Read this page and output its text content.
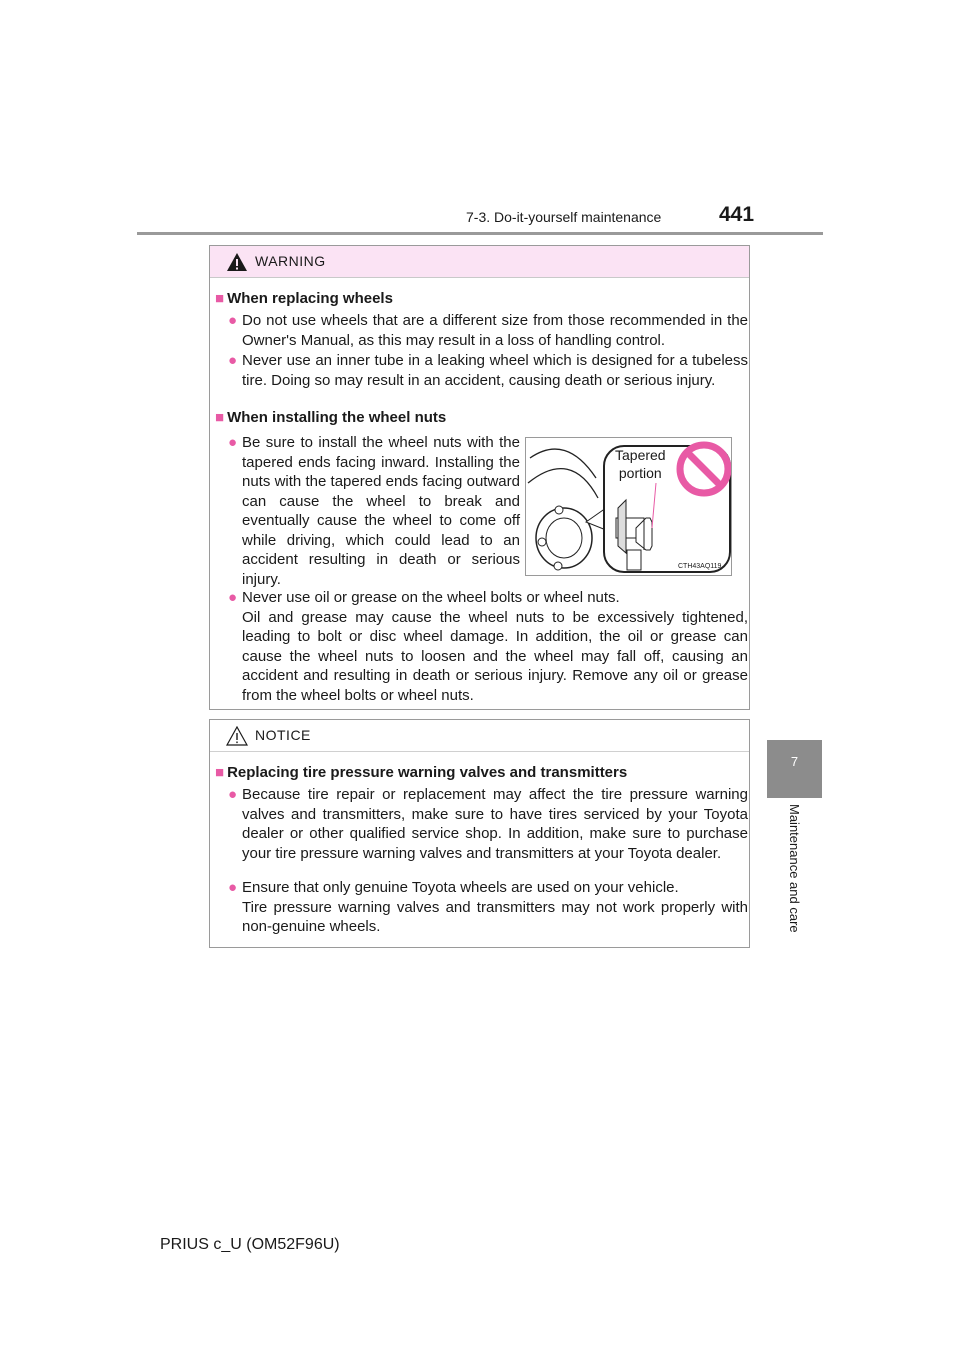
7-3. Do-it-yourself maintenance	441
7
Maintenance and care
WARNING
■ When replacing wheels
● Do not use wheels that are a different size from those recommended in the Owner's Manual, as this may result in a loss of handling control.

● Never use an inner tube in a leaking wheel which is designed for a tubeless tire. Doing so may result in an accident, causing death or serious injury.

■ When installing the wheel nuts
● Be sure to install the wheel nuts with the tapered ends facing inward. Installing the nuts with the tapered ends facing outward can cause the wheel to break and eventually cause the wheel to come off while driving, which could lead to an accident resulting in death or serious injury.

● Never use oil or grease on the wheel bolts or wheel nuts.

Oil and grease may cause the wheel nuts to be excessively tightened, leading to bolt or disc wheel damage. In addition, the oil or grease can cause the wheel nuts to loosen and the wheel may fall off, causing an accident and resulting in death or serious injury. Remove any oil or grease from the wheel bolts or wheel nuts.

Tapered
portion
CTH43AQ119
NOTICE
■ Replacing tire pressure warning valves and transmitters
● Because tire repair or replacement may affect the tire pressure warning valves and transmitters, make sure to have tires serviced by your Toyota dealer or other qualified service shop. In addition, make sure to purchase your tire pressure warning valves and transmitters at your Toyota dealer.

● Ensure that only genuine Toyota wheels are used on your vehicle.

Tire pressure warning valves and transmitters may not work properly with non-genuine wheels.

PRIUS c_U (OM52F96U)
